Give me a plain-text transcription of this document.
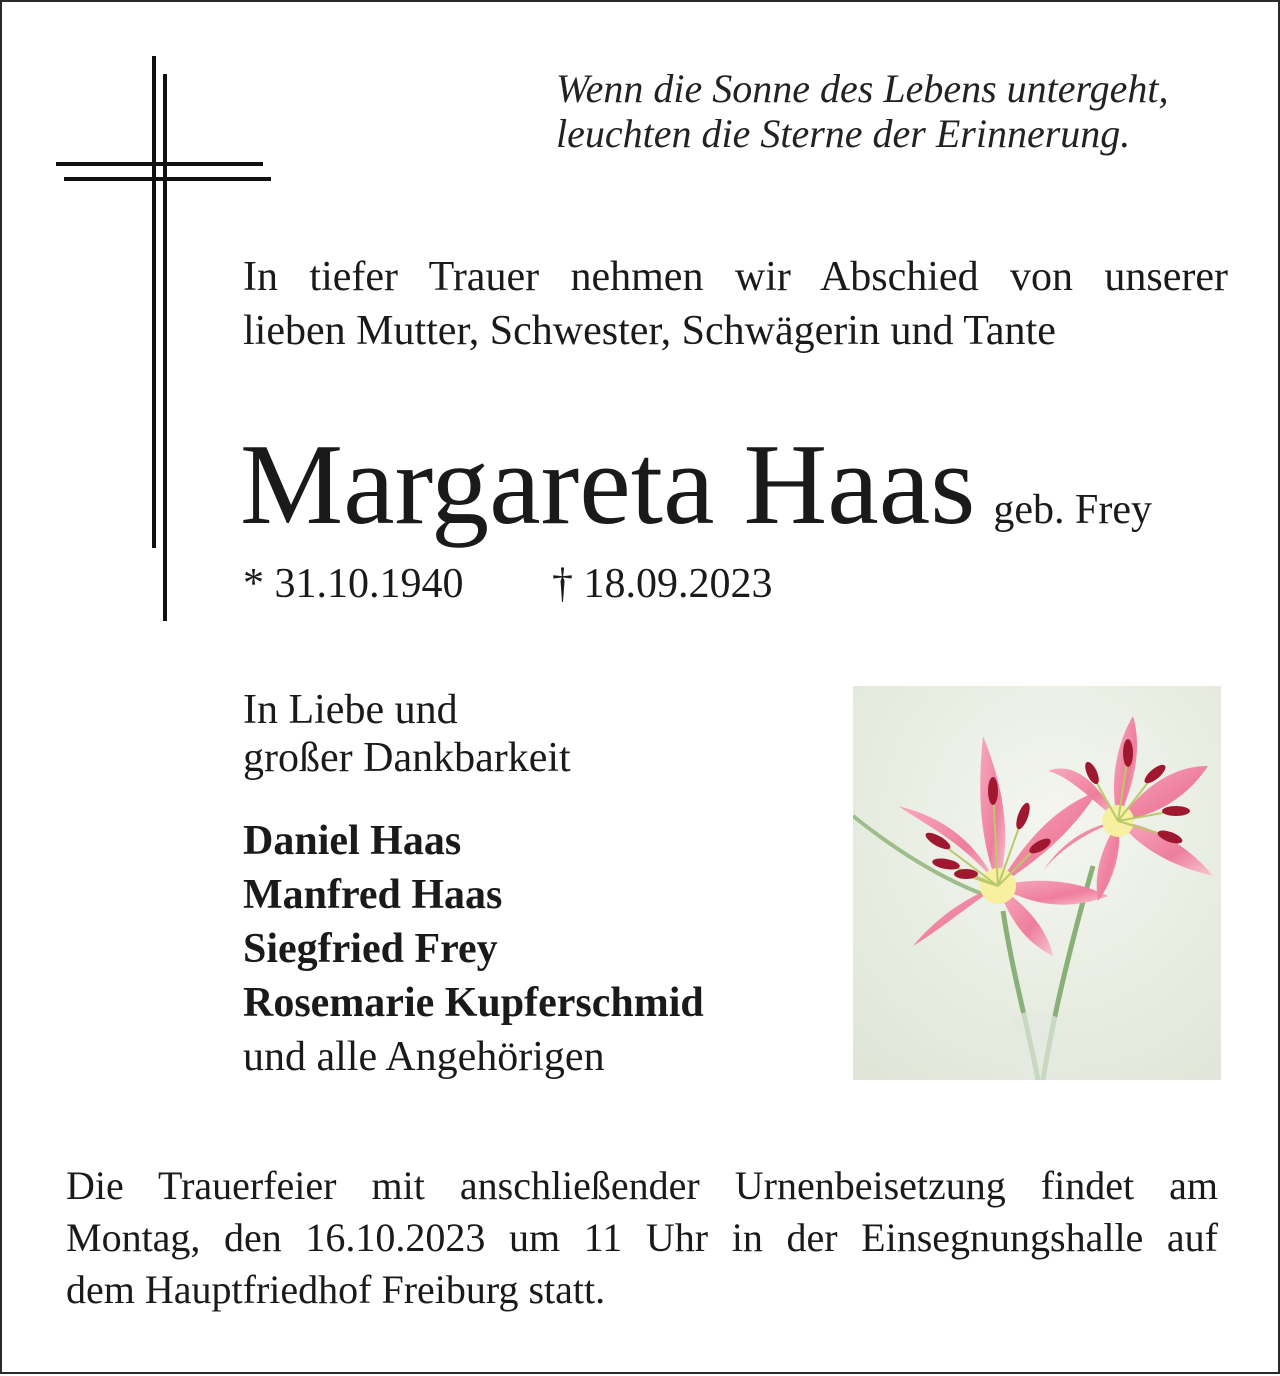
Wenn die Sonne des Lebens untergeht,
leuchten die Sterne der Erinnerung.
In tiefer Trauer nehmen wir Abschied von unserer
lieben Mutter, Schwester, Schwägerin und Tante
Margareta Haas geb. Frey
* 31.10.1940 † 18.09.2023
In Liebe und
großer Dankbarkeit
Daniel Haas
Manfred Haas
Siegfried Frey
Rosemarie Kupferschmid
und alle Angehörigen
Die Trauerfeier mit anschließender Urnenbeisetzung findet am
Montag, den 16.10.2023 um 11 Uhr in der Einsegnungshalle auf
dem Hauptfriedhof Freiburg statt.
